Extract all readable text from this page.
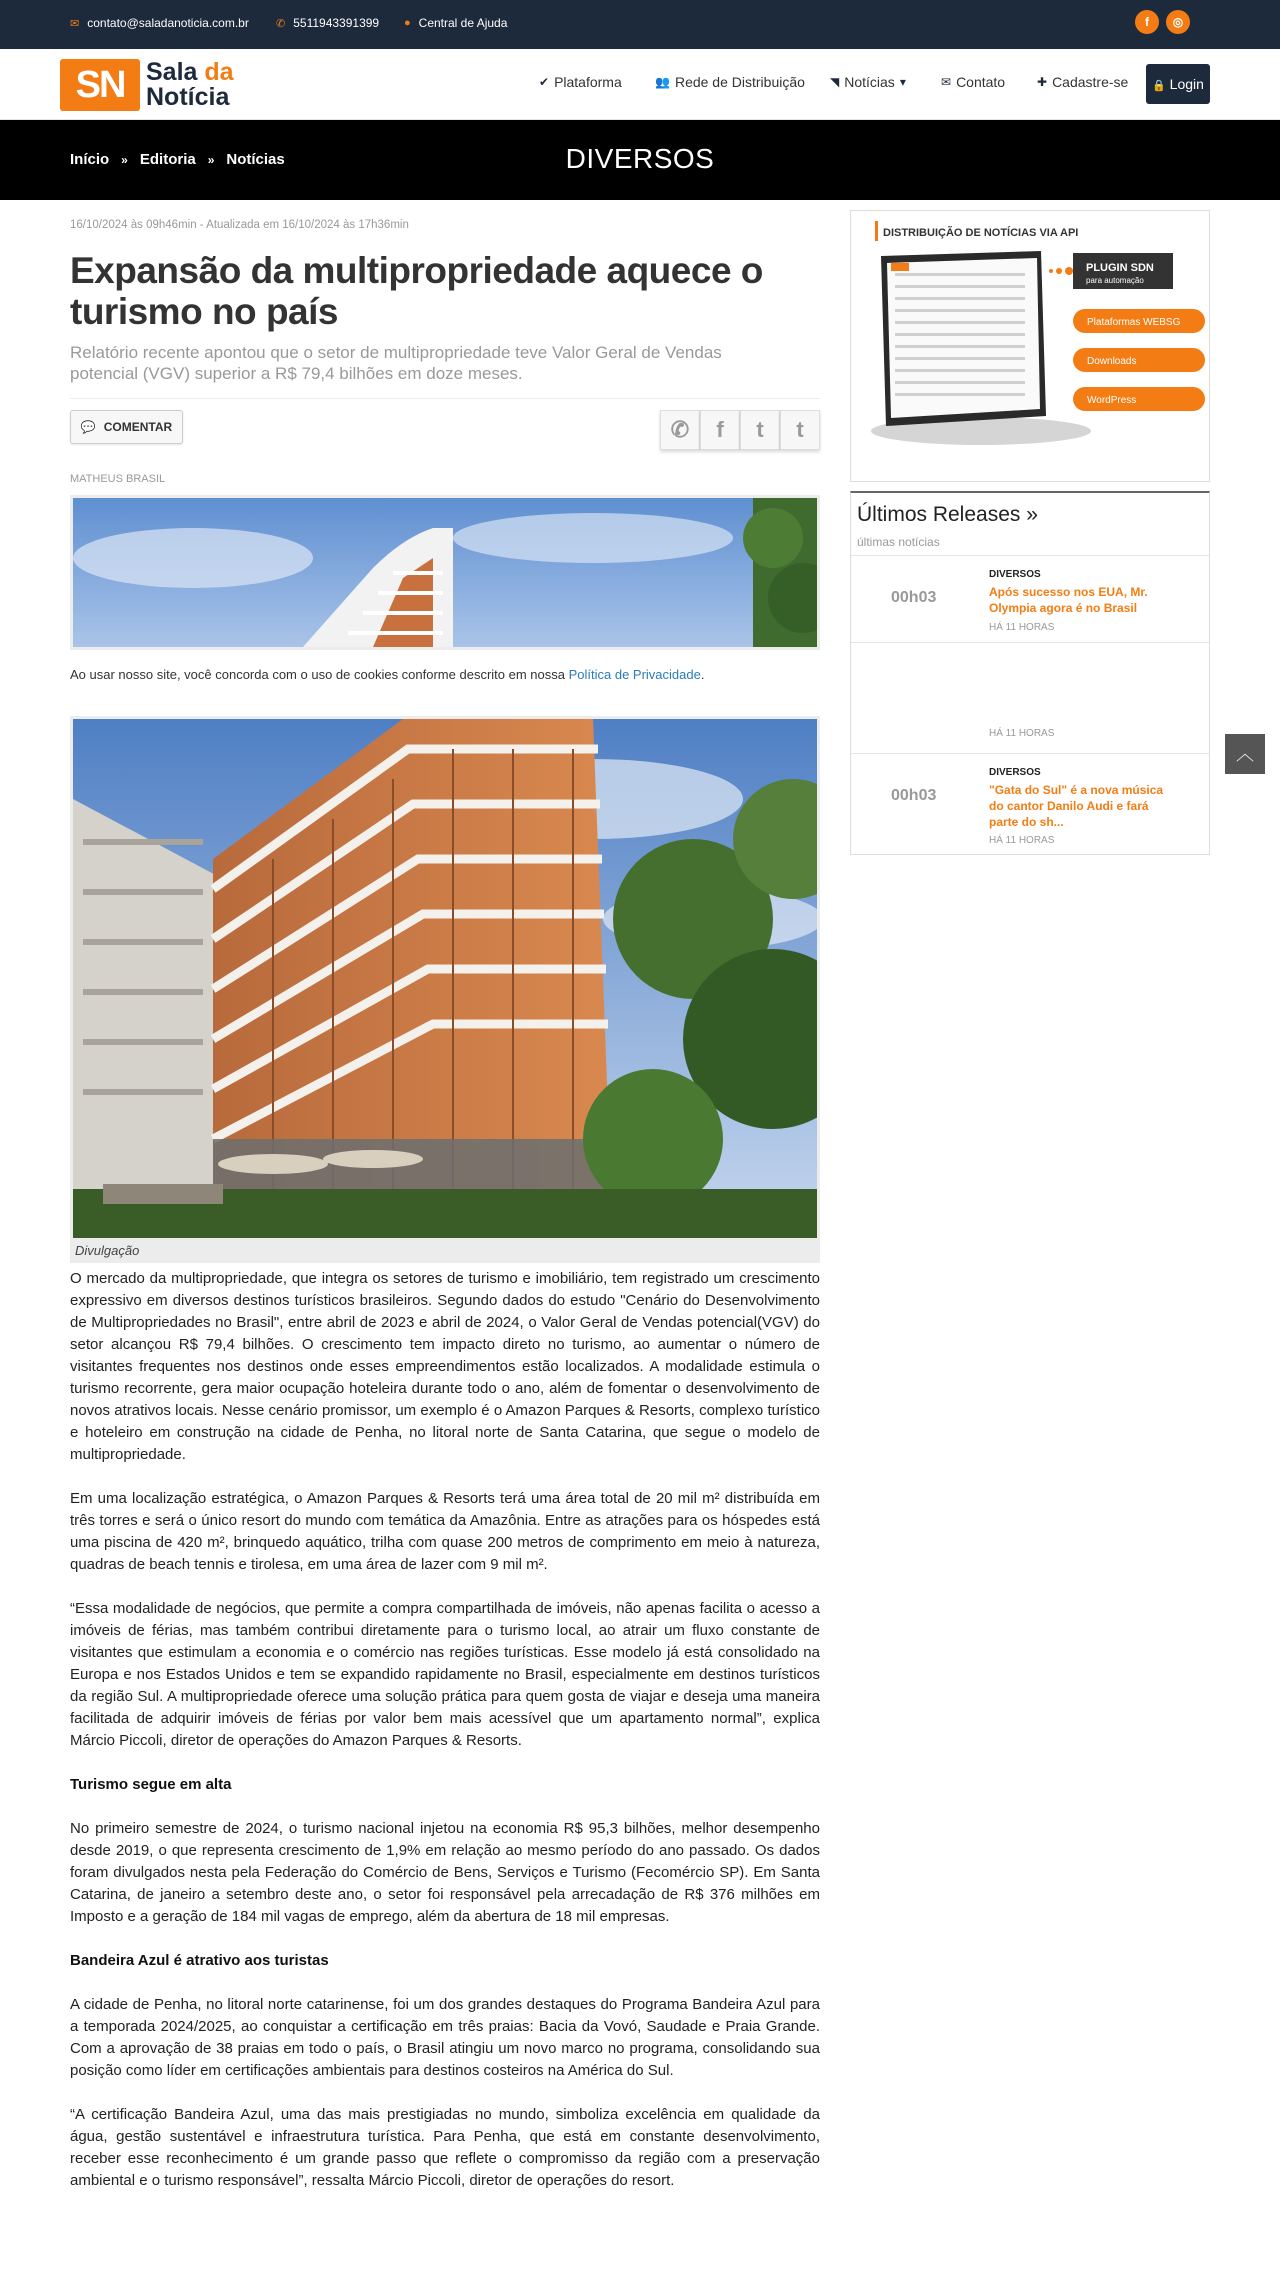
✉ contato@saladanoticia.com.br ✆ 5511943391399 ● Central de Ajuda	f	◎
SN Sala da
Notícia
✔ Plataforma	👥 Rede de Distribuição ◥ Notícias ▾	✉ Contato	✚ Cadastre-se	🔒 Login
Início » Editoria » Notícias	DIVERSOS
16/10/2024 às 09h46min - Atualizada em 16/10/2024 às 17h36min
Expansão da multipropriedade aquece o turismo no país
Relatório recente apontou que o setor de multipropriedade teve Valor Geral de Vendas potencial (VGV) superior a R$ 79,4 bilhões em doze meses.
💬 COMENTAR	✆	f	t	t
MATHEUS BRASIL
Ao usar nosso site, você concorda com o uso de cookies conforme descrito em nossa Política de Privacidade.
Divulgação

O mercado da multipropriedade, que integra os setores de turismo e imobiliário, tem registrado um crescimento expressivo em diversos destinos turísticos brasileiros. Segundo dados do estudo "Cenário do Desenvolvimento de Multipropriedades no Brasil", entre abril de 2023 e abril de 2024, o Valor Geral de Vendas potencial(VGV) do setor alcançou R$ 79,4 bilhões. O crescimento tem impacto direto no turismo, ao aumentar o número de visitantes frequentes nos destinos onde esses empreendimentos estão localizados. A modalidade estimula o turismo recorrente, gera maior ocupação hoteleira durante todo o ano, além de fomentar o desenvolvimento de novos atrativos locais. Nesse cenário promissor, um exemplo é o Amazon Parques & Resorts, complexo turístico e hoteleiro em construção na cidade de Penha, no litoral norte de Santa Catarina, que segue o modelo de multipropriedade.

Em uma localização estratégica, o Amazon Parques & Resorts terá uma área total de 20 mil m² distribuída em três torres e será o único resort do mundo com temática da Amazônia. Entre as atrações para os hóspedes está uma piscina de 420 m², brinquedo aquático, trilha com quase 200 metros de comprimento em meio à natureza, quadras de beach tennis e tirolesa, em uma área de lazer com 9 mil m².

“Essa modalidade de negócios, que permite a compra compartilhada de imóveis, não apenas facilita o acesso a imóveis de férias, mas também contribui diretamente para o turismo local, ao atrair um fluxo constante de visitantes que estimulam a economia e o comércio nas regiões turísticas. Esse modelo já está consolidado na Europa e nos Estados Unidos e tem se expandido rapidamente no Brasil, especialmente em destinos turísticos da região Sul. A multipropriedade oferece uma solução prática para quem gosta de viajar e deseja uma maneira facilitada de adquirir imóveis de férias por valor bem mais acessível que um apartamento normal”, explica Márcio Piccoli, diretor de operações do Amazon Parques & Resorts.

Turismo segue em alta

No primeiro semestre de 2024, o turismo nacional injetou na economia R$ 95,3 bilhões, melhor desempenho desde 2019, o que representa crescimento de 1,9% em relação ao mesmo período do ano passado. Os dados foram divulgados nesta pela Federação do Comércio de Bens, Serviços e Turismo (Fecomércio SP). Em Santa Catarina, de janeiro a setembro deste ano, o setor foi responsável pela arrecadação de R$ 376 milhões em Imposto e a geração de 184 mil vagas de emprego, além da abertura de 18 mil empresas.

Bandeira Azul é atrativo aos turistas

A cidade de Penha, no litoral norte catarinense, foi um dos grandes destaques do Programa Bandeira Azul para a temporada 2024/2025, ao conquistar a certificação em três praias: Bacia da Vovó, Saudade e Praia Grande. Com a aprovação de 38 praias em todo o país, o Brasil atingiu um novo marco no programa, consolidando sua posição como líder em certificações ambientais para destinos costeiros na América do Sul.

“A certificação Bandeira Azul, uma das mais prestigiadas no mundo, simboliza excelência em qualidade da água, gestão sustentável e infraestrutura turística. Para Penha, que está em constante desenvolvimento, receber esse reconhecimento é um grande passo que reflete o compromisso da região com a preservação ambiental e o turismo responsável”, ressalta Márcio Piccoli, diretor de operações do resort.

DISTRIBUIÇÃO DE NOTÍCIAS VIA API
PLUGIN SDN
para automação
Plataformas WEBSG
Downloads
WordPress
Últimos Releases »
últimas notícias
00h03
DIVERSOS
Após sucesso nos EUA, Mr. Olympia agora é no Brasil
HÁ 11 HORAS
HÁ 11 HORAS
00h03
DIVERSOS
"Gata do Sul" é a nova música do cantor Danilo Audi e fará parte do sh...
HÁ 11 HORAS
︿
